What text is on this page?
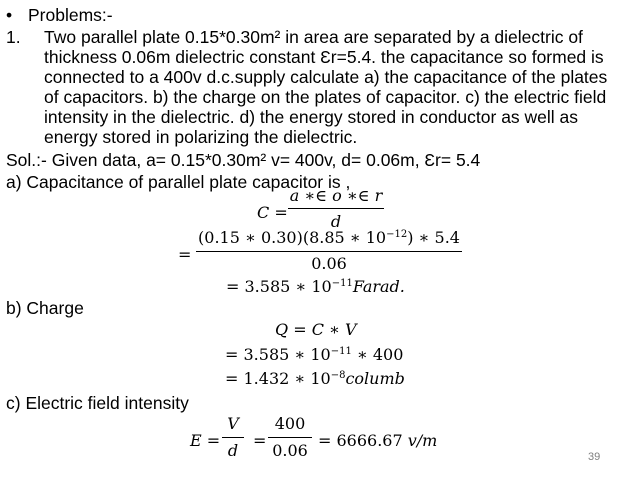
• Problems:-
1. Two parallel plate 0.15*0.30m² in area are separated by a dielectric of
thickness 0.06m dielectric constant Ɛr=5.4. the capacitance so formed is
connected to a 400v d.c.supply calculate a) the capacitance of the plates
of capacitors. b) the charge on the plates of capacitor. c) the electric field
intensity in the dielectric. d) the energy stored in conductor as well as
energy stored in polarizing the dielectric.
Sol.:- Given data, a= 0.15*0.30m² v= 400v, d= 0.06m, Ɛr= 5.4
a) Capacitance of parallel plate capacitor is ,
C =
a ∗∈ o ∗∈ r
d
=
(0.15 ∗ 0.30)(8.85 ∗ $10^{-12}$) ∗ 5.4
0.06
= 3.585 ∗ $10^{-11}Farad$.
b) Charge
Q = C ∗ V
= 3.585 ∗ $10^{-11}$ ∗ 400
= 1.432 ∗ $10^{-8}columb$
c) Electric field intensity
E =
V
d
=
400
0.06
= 6666.67 v/m
39
